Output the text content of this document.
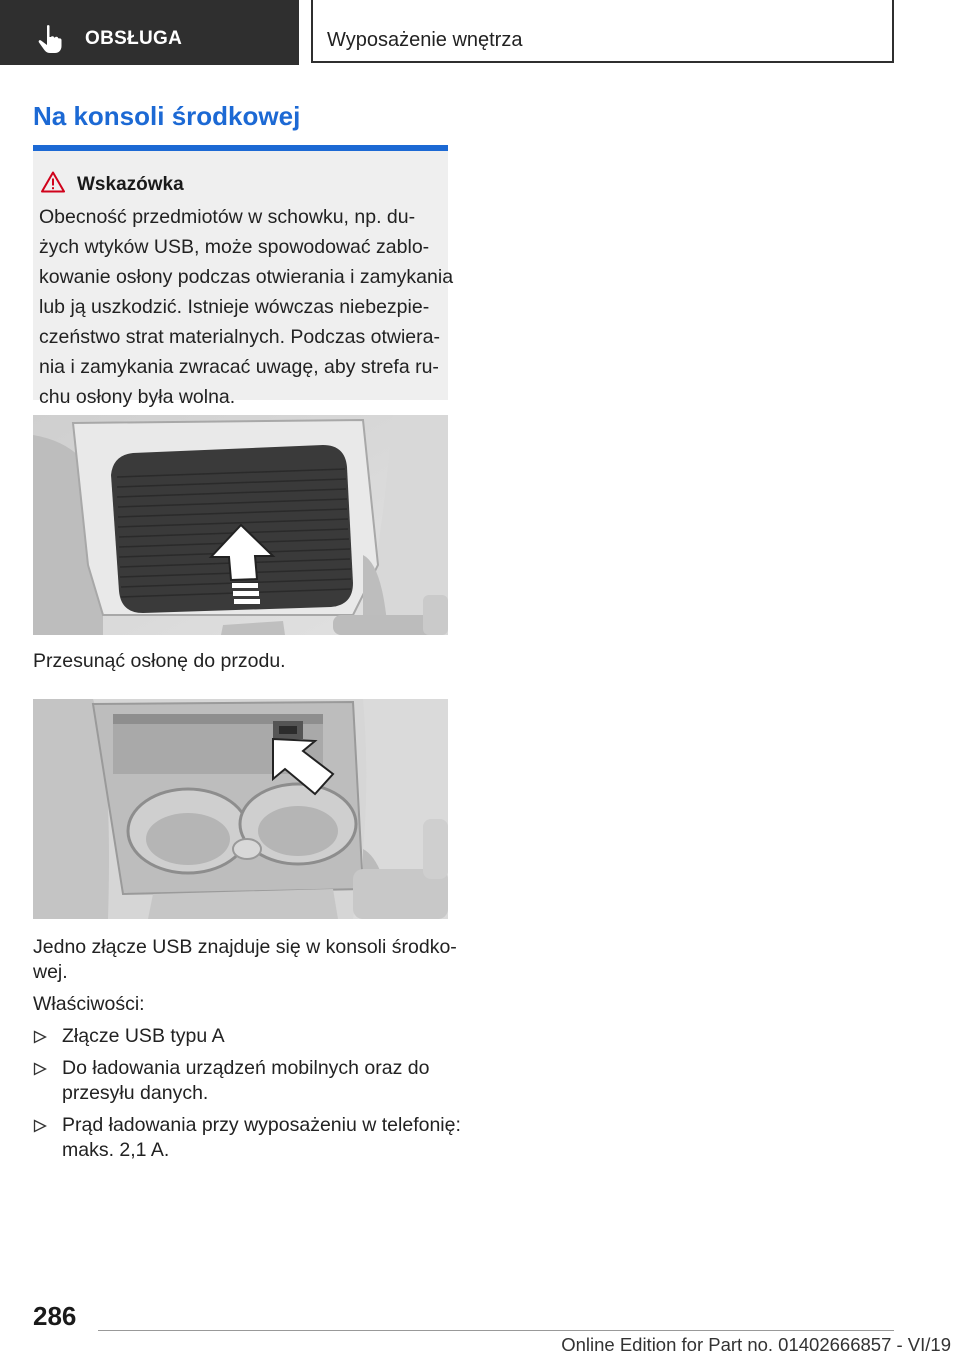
OBSŁUGA	Wyposażenie wnętrza
Na konsoli środkowej
Wskazówka
Obecność przedmiotów w schowku, np. du-
żych wtyków USB, może spowodować zablo-
kowanie osłony podczas otwierania i zamykania
lub ją uszkodzić. Istnieje wówczas niebezpie-
czeństwo strat materialnych. Podczas otwiera-
nia i zamykania zwracać uwagę, aby strefa ru-
chu osłony była wolna.
Przesunąć osłonę do przodu.
Jedno złącze USB znajduje się w konsoli środko-
wej.
Właściwości:
Złącze USB typu A
Do ładowania urządzeń mobilnych oraz do
przesyłu danych.
Prąd ładowania przy wyposażeniu w telefonię:
maks. 2,1 A.
286
Online Edition for Part no. 01402666857 - VI/19
